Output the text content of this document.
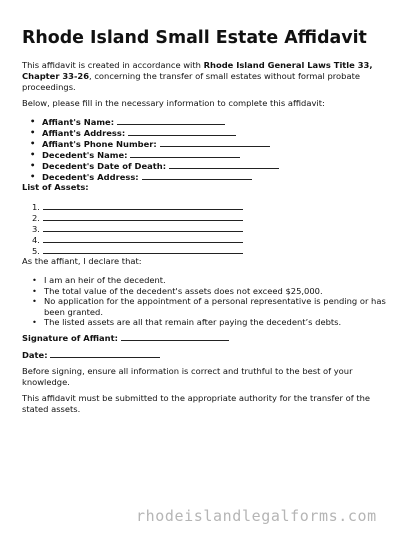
Rhode Island Small Estate Affidavit
This affidavit is created in accordance with Rhode Island General Laws Title 33, Chapter 33-26, concerning the transfer of small estates without formal probate proceedings.
Below, please fill in the necessary information to complete this affidavit:
• Affiant's Name:
• Affiant's Address:
• Affiant's Phone Number:
• Decedent's Name:
• Decedent's Date of Death:
• Decedent's Address:
List of Assets:
1.
2.
3.
4.
5.
As the affiant, I declare that:
• I am an heir of the decedent.
• The total value of the decedent's assets does not exceed $25,000.
• No application for the appointment of a personal representative is pending or has been granted.
• The listed assets are all that remain after paying the decedent’s debts.
Signature of Affiant:
Date:
Before signing, ensure all information is correct and truthful to the best of your knowledge.
This affidavit must be submitted to the appropriate authority for the transfer of the stated assets.
rhodeislandlegalforms.com
